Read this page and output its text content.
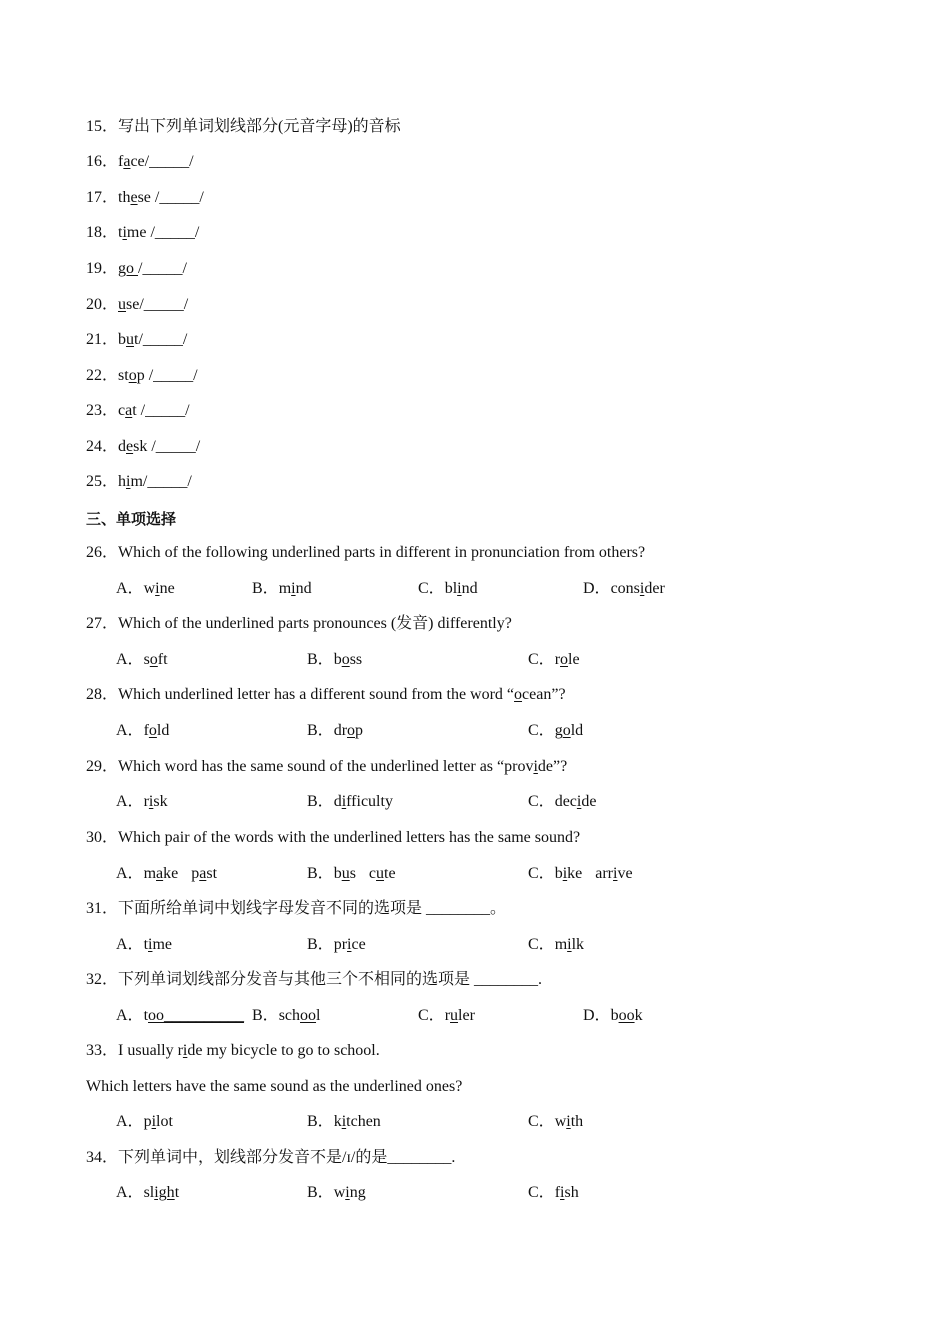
15．写出下列单词划线部分(元音字母)的音标
16．face/_____/
17．these /_____/
18．time /_____/
19．go /_____/
20．use/_____/
21．but/_____/
22．stop /_____/
23．cat /_____/
24．desk /_____/
25．him/_____/
三、单项选择
26．Which of the following underlined parts in different in pronunciation from others?
A．wine	B．mind	C．blind	D．consider
27．Which of the underlined parts pronounces (发音) differently?
A．soft	B．boss	C．role
28．Which underlined letter has a different sound from the word “ocean”?
A．fold	B．drop	C．gold
29．Which word has the same sound of the underlined letter as “provide”?
A．risk	B．difficulty	C．decide
30．Which pair of the words with the underlined letters has the same sound?
A．make past	B．bus cute	C．bike arrive
31．下面所给单词中划线字母发音不同的选项是 ________。
A．time	B．price	C．milk
32．下列单词划线部分发音与其他三个不相同的选项是 ________.
A．too__________ B．school	C．ruler	D．book
33．I usually ride my bicycle to go to school.
Which letters have the same sound as the underlined ones?
A．pilot	B．kitchen	C．with
34．下列单词中，划线部分发音不是/ɪ/的是________.
A．slight	B．wing	C．fish
